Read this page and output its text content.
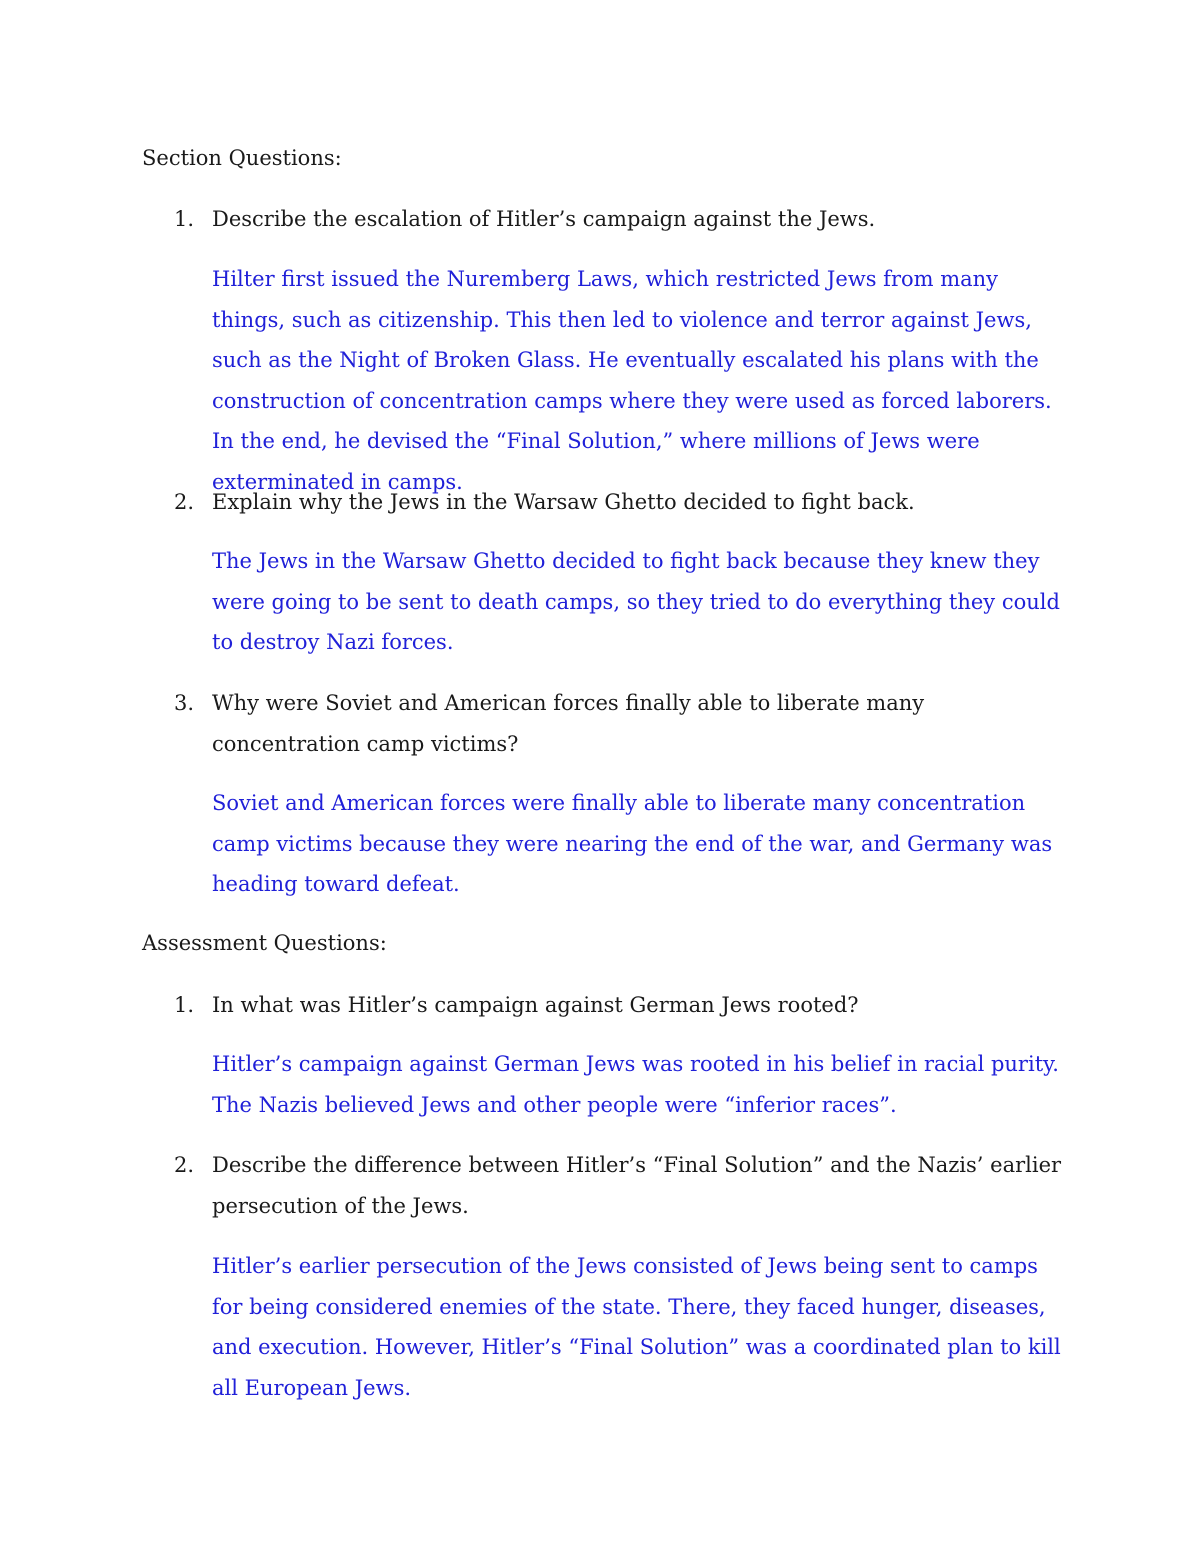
Section Questions:
1. Describe the escalation of Hitler’s campaign against the Jews.
Hilter first issued the Nuremberg Laws, which restricted Jews from many things, such as citizenship. This then led to violence and terror against Jews, such as the Night of Broken Glass. He eventually escalated his plans with the construction of concentration camps where they were used as forced laborers. In the end, he devised the “Final Solution,” where millions of Jews were exterminated in camps.
2. Explain why the Jews in the Warsaw Ghetto decided to fight back.
The Jews in the Warsaw Ghetto decided to fight back because they knew they were going to be sent to death camps, so they tried to do everything they could to destroy Nazi forces.
3. Why were Soviet and American forces finally able to liberate many concentration camp victims?
Soviet and American forces were finally able to liberate many concentration camp victims because they were nearing the end of the war, and Germany was heading toward defeat.
Assessment Questions:
1. In what was Hitler’s campaign against German Jews rooted?
Hitler’s campaign against German Jews was rooted in his belief in racial purity. The Nazis believed Jews and other people were “inferior races”.
2. Describe the difference between Hitler’s “Final Solution” and the Nazis’ earlier persecution of the Jews.
Hitler’s earlier persecution of the Jews consisted of Jews being sent to camps for being considered enemies of the state. There, they faced hunger, diseases, and execution. However, Hitler’s “Final Solution” was a coordinated plan to kill all European Jews.
